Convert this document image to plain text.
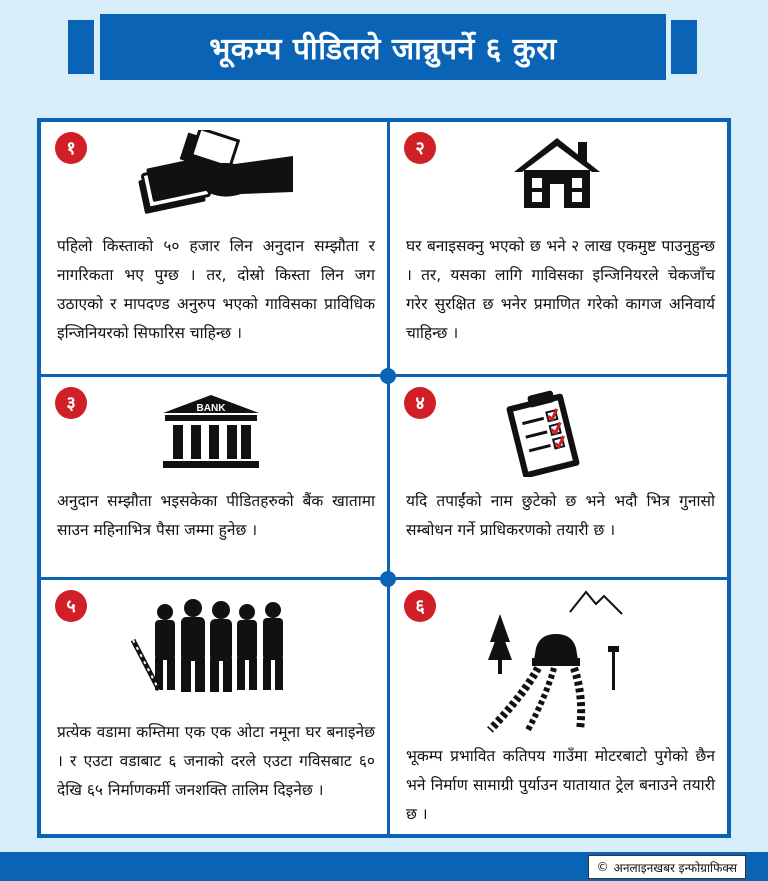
भूकम्प पीडितले जान्नुपर्ने ६ कुरा
१
पहिलो किस्ताको ५० हजार लिन अनुदान सम्झौता र नागरिकता भए पुग्छ । तर, दोस्रो किस्ता लिन जग उठाएको र मापदण्ड अनुरुप भएको गाविसका प्राविधिक इन्जिनियरको सिफारिस चाहिन्छ ।
२
घर बनाइसक्नु भएको छ भने २ लाख एकमुष्ट पाउनुहुन्छ । तर, यसका लागि गाविसका इन्जिनियरले चेकजाँच गरेर सुरक्षित छ भनेर प्रमाणित गरेको कागज अनिवार्य चाहिन्छ ।
३	BANK
अनुदान सम्झौता भइसकेका पीडितहरुको बैंक खातामा साउन महिनाभित्र पैसा जम्मा हुनेछ ।
४
यदि तपाईंको नाम छुटेको छ भने भदौ भित्र गुनासो सम्बोधन गर्ने प्राधिकरणको तयारी छ ।
५
प्रत्येक वडामा कम्तिमा एक एक ओटा नमूना घर बनाइनेछ । र एउटा वडाबाट ६ जनाको दरले एउटा गविसबाट ६० देखि ६५ निर्माणकर्मी जनशक्ति तालिम दिइनेछ ।
६
भूकम्प प्रभावित कतिपय गाउँमा मोटरबाटो पुगेको छैन भने निर्माण सामाग्री पुर्याउन यातायात ट्रेल बनाउने तयारी छ ।
© अनलाइनखबर इन्फोग्राफिक्स
